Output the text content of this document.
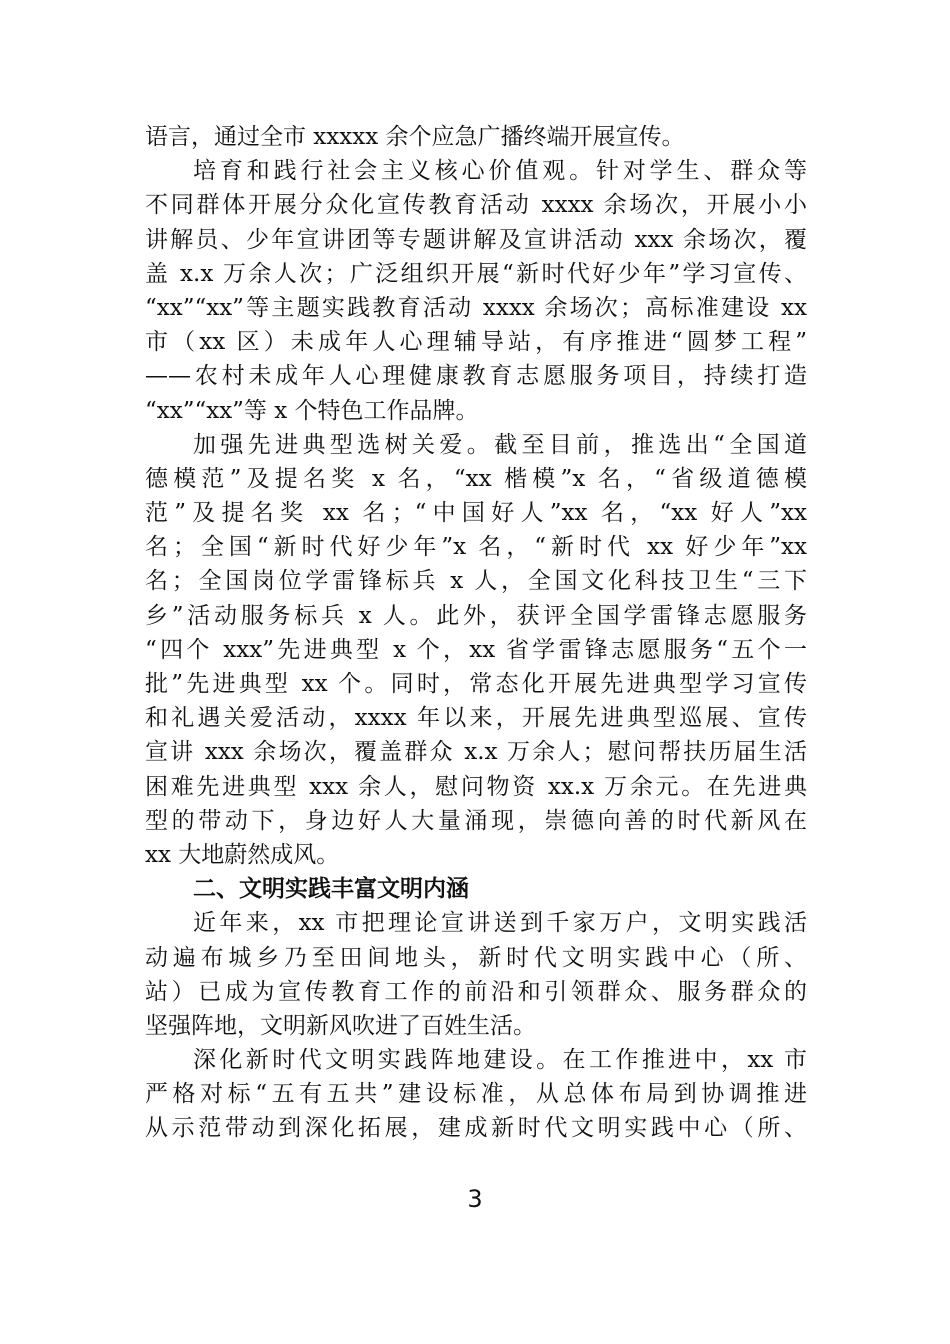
语言，通过全市 xxxxx 余个应急广播终端开展宣传。
培育和践行社会主义核心价值观。针对学生、群众等
不同群体开展分众化宣传教育活动 xxxx 余场次，开展小小
讲解员、少年宣讲团等专题讲解及宣讲活动 xxx 余场次，覆
盖 x.x 万余人次；广泛组织开展“新时代好少年”学习宣传、
“xx”“xx”等主题实践教育活动 xxxx 余场次；高标准建设 xx
市（xx 区）未成年人心理辅导站，有序推进“圆梦工程”
——农村未成年人心理健康教育志愿服务项目，持续打造
“xx”“xx”等 x 个特色工作品牌。
加强先进典型选树关爱。截至目前，推选出“全国道
德模范”及提名奖 x 名，“xx 楷模”x 名，“省级道德模
范”及提名奖 xx 名；“中国好人”xx 名，“xx 好人”xx
名；全国“新时代好少年”x 名，“新时代 xx 好少年”xx
名；全国岗位学雷锋标兵 x 人，全国文化科技卫生“三下
乡”活动服务标兵 x 人。此外，获评全国学雷锋志愿服务
“四个 xxx”先进典型 x 个，xx 省学雷锋志愿服务“五个一
批”先进典型 xx 个。同时，常态化开展先进典型学习宣传
和礼遇关爱活动，xxxx 年以来，开展先进典型巡展、宣传
宣讲 xxx 余场次，覆盖群众 x.x 万余人；慰问帮扶历届生活
困难先进典型 xxx 余人，慰问物资 xx.x 万余元。在先进典
型的带动下，身边好人大量涌现，崇德向善的时代新风在
xx 大地蔚然成风。
二、文明实践丰富文明内涵
近年来，xx 市把理论宣讲送到千家万户，文明实践活
动遍布城乡乃至田间地头，新时代文明实践中心（所、
站）已成为宣传教育工作的前沿和引领群众、服务群众的
坚强阵地，文明新风吹进了百姓生活。
深化新时代文明实践阵地建设。在工作推进中，xx 市
严格对标“五有五共”建设标准，从总体布局到协调推进
从示范带动到深化拓展，建成新时代文明实践中心（所、
3
